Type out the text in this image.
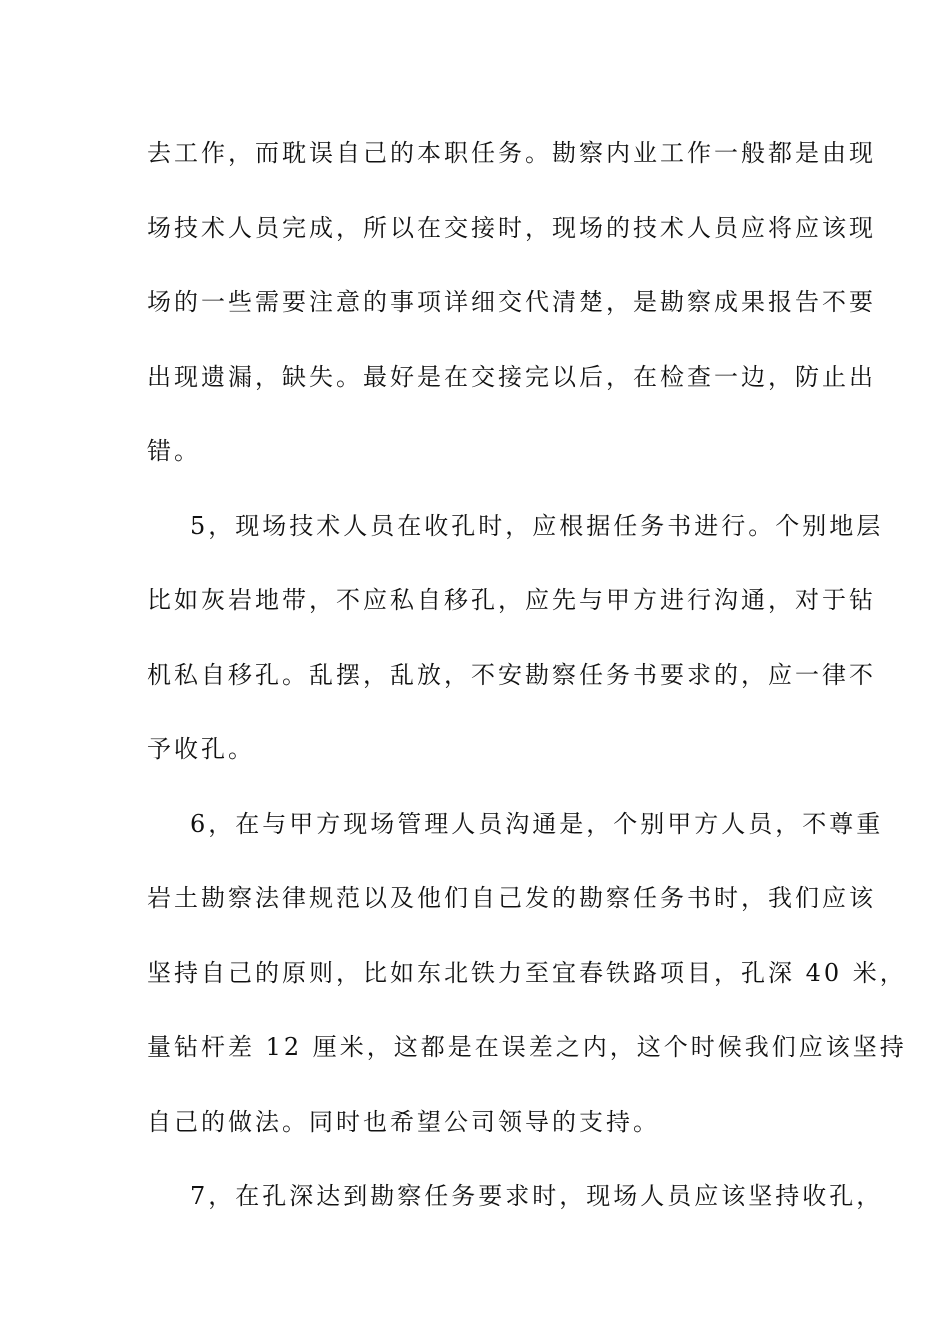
去工作，而耽误自己的本职任务。勘察内业工作一般都是由现
场技术人员完成，所以在交接时，现场的技术人员应将应该现
场的一些需要注意的事项详细交代清楚，是勘察成果报告不要
出现遗漏，缺失。最好是在交接完以后，在检查一边，防止出
错。
5，现场技术人员在收孔时，应根据任务书进行。个别地层
比如灰岩地带，不应私自移孔，应先与甲方进行沟通，对于钻
机私自移孔。乱摆，乱放，不安勘察任务书要求的，应一律不
予收孔。
6，在与甲方现场管理人员沟通是，个别甲方人员，不尊重
岩土勘察法律规范以及他们自己发的勘察任务书时，我们应该
坚持自己的原则，比如东北铁力至宜春铁路项目，孔深 40 米，
量钻杆差 12 厘米，这都是在误差之内，这个时候我们应该坚持
自己的做法。同时也希望公司领导的支持。
7，在孔深达到勘察任务要求时，现场人员应该坚持收孔，
